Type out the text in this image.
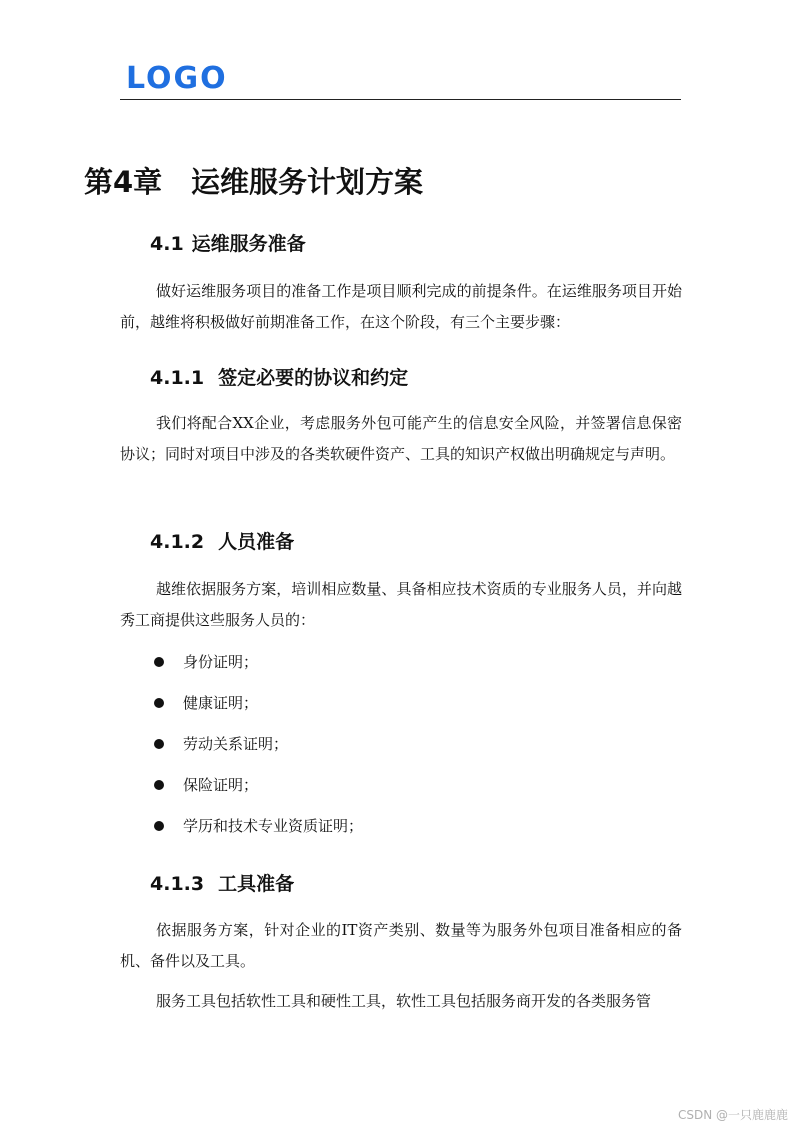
LOGO
第4章 运维服务计划方案
4.1 运维服务准备

做好运维服务项目的准备工作是项目顺利完成的前提条件。在运维服务项目开始前，越维将积极做好前期准备工作，在这个阶段，有三个主要步骤：

4.1.1 签定必要的协议和约定

我们将配合XX企业，考虑服务外包可能产生的信息安全风险，并签署信息保密协议；同时对项目中涉及的各类软硬件资产、工具的知识产权做出明确规定与声明。

4.1.2 人员准备

越维依据服务方案，培训相应数量、具备相应技术资质的专业服务人员，并向越秀工商提供这些服务人员的：

身份证明；
健康证明；
劳动关系证明；
保险证明；
学历和技术专业资质证明；
4.1.3 工具准备

依据服务方案，针对企业的IT资产类别、数量等为服务外包项目准备相应的备机、备件以及工具。

服务工具包括软性工具和硬性工具，软性工具包括服务商开发的各类服务管

CSDN @一只鹿鹿鹿
